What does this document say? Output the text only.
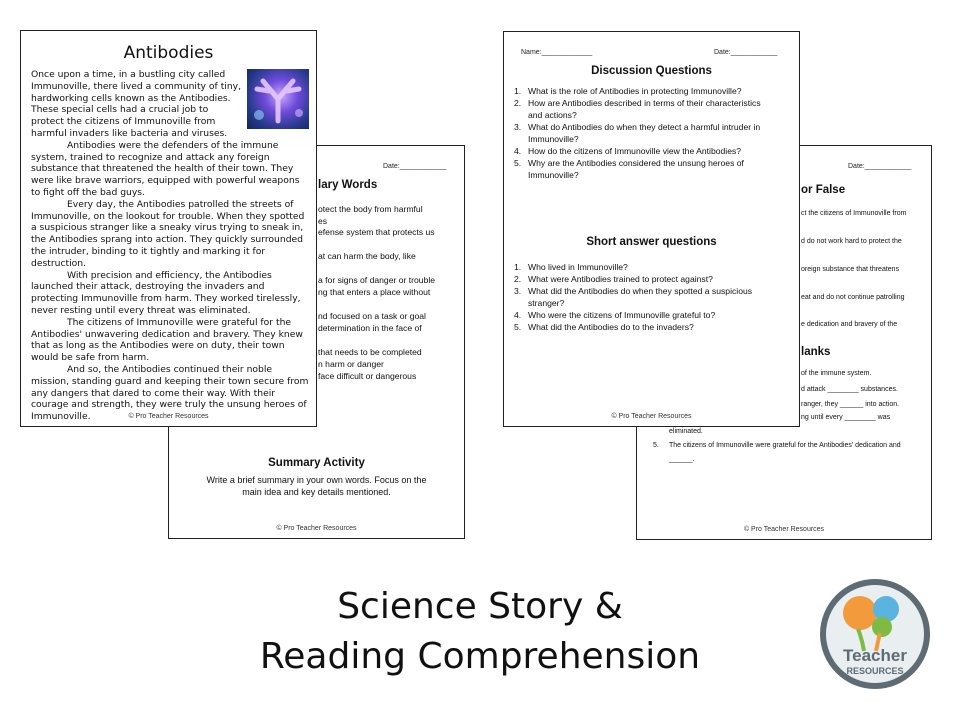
Date:____________
lary Words
otect the body from harmful
es
efense system that protects us
at can harm the body, like
a for signs of danger or trouble
ng that enters a place without
nd focused on a task or goal
determination in the face of
that needs to be completed
n harm or danger
face difficult or dangerous
Summary Activity
Write a brief summary in your own words. Focus on the
main idea and key details mentioned.
© Pro Teacher Resources
Date:____________
or False
ct the citizens of Immunoville from
d do not work hard to protect the
oreign substance that threatens
eat and do not continue patrolling
e dedication and bravery of the
lanks
of the immune system.
d attack ________ substances.
ranger, they ______ into action.
ng until every ________ was
eliminated.
5. The citizens of Immunoville were grateful for the Antibodies' dedication and
______.
© Pro Teacher Resources
Antibodies

Once upon a time, in a bustling city called Immunoville, there lived a community of tiny, hardworking cells known as the Antibodies. These special cells had a crucial job to protect the citizens of Immunoville from harmful invaders like bacteria and viruses.

Antibodies were the defenders of the immune system, trained to recognize and attack any foreign substance that threatened the health of their town. They were like brave warriors, equipped with powerful weapons to fight off the bad guys.

Every day, the Antibodies patrolled the streets of Immunoville, on the lookout for trouble. When they spotted a suspicious stranger like a sneaky virus trying to sneak in, the Antibodies sprang into action. They quickly surrounded the intruder, binding to it tightly and marking it for destruction.

With precision and efficiency, the Antibodies launched their attack, destroying the invaders and protecting Immunoville from harm. They worked tirelessly, never resting until every threat was eliminated.

The citizens of Immunoville were grateful for the Antibodies' unwavering dedication and bravery. They knew that as long as the Antibodies were on duty, their town would be safe from harm.

And so, the Antibodies continued their noble mission, standing guard and keeping their town secure from any dangers that dared to come their way. With their courage and strength, they were truly the unsung heroes of Immunoville.	© Pro Teacher Resources
Name:_____________	Date:____________
Discussion Questions
1. What is the role of Antibodies in protecting Immunoville?
2. How are Antibodies described in terms of their characteristics
and actions?
3. What do Antibodies do when they detect a harmful intruder in
Immunoville?
4. How do the citizens of Immunoville view the Antibodies?
5. Why are the Antibodies considered the unsung heroes of
Immunoville?
Short answer questions
1. Who lived in Immunoville?
2. What were Antibodies trained to protect against?
3. What did the Antibodies do when they spotted a suspicious
stranger?
4. Who were the citizens of Immunoville grateful to?
5. What did the Antibodies do to the invaders?
© Pro Teacher Resources
Science Story &
Reading Comprehension	Teacher
RESOURCES
